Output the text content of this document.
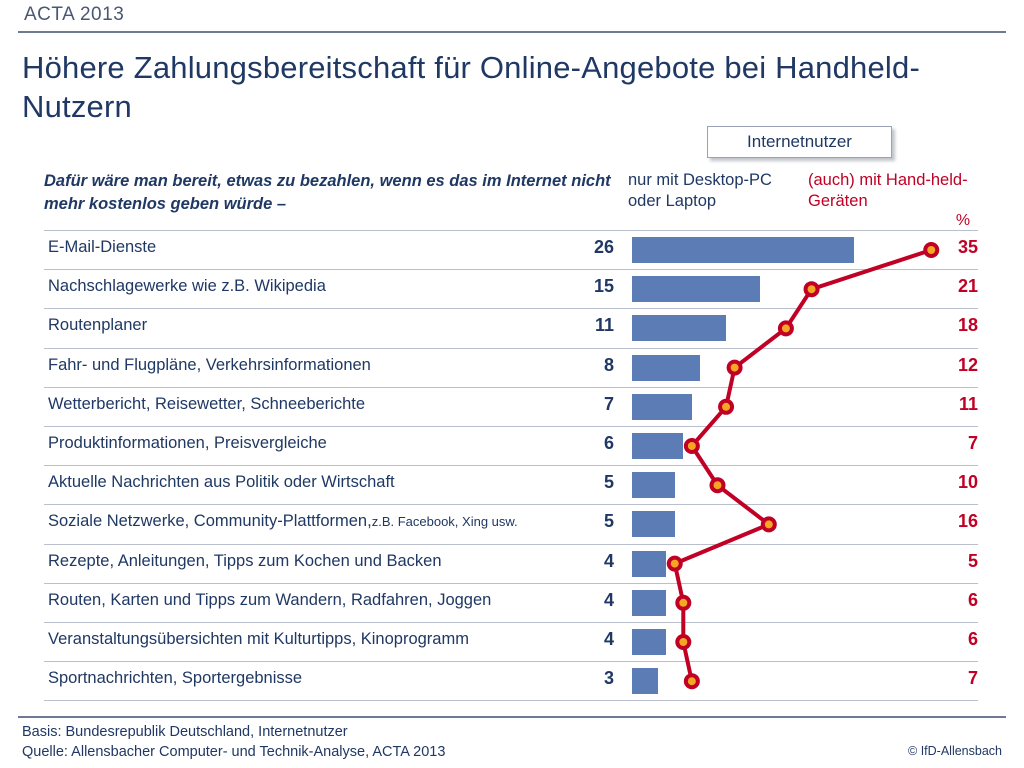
ACTA 2013
Höhere Zahlungsbereitschaft für Online-Angebote bei Handheld-Nutzern
Internetnutzer
Dafür wäre man bereit, etwas zu bezahlen, wenn es das im Internet nicht mehr kostenlos geben würde –
nur mit Desktop-PC oder Laptop
(auch) mit Hand-held-Geräten
%
E-Mail-Dienste	26	35
Nachschlagewerke wie z.B. Wikipedia	15	21
Routenplaner	11	18
Fahr- und Flugpläne, Verkehrsinformationen	8	12
Wetterbericht, Reisewetter, Schneeberichte	7	11
Produktinformationen, Preisvergleiche	6	7
Aktuelle Nachrichten aus Politik oder Wirtschaft	5	10
Soziale Netzwerke, Community-Plattformen,z.B. Facebook, Xing usw.	5	16
Rezepte, Anleitungen, Tipps zum Kochen und Backen	4	5
Routen, Karten und Tipps zum Wandern, Radfahren, Joggen	4	6
Veranstaltungsübersichten mit Kulturtipps, Kinoprogramm	4	6
Sportnachrichten, Sportergebnisse	3	7
Basis: Bundesrepublik Deutschland, Internetnutzer
Quelle: Allensbacher Computer- und Technik-Analyse, ACTA 2013	© IfD-Allensbach
